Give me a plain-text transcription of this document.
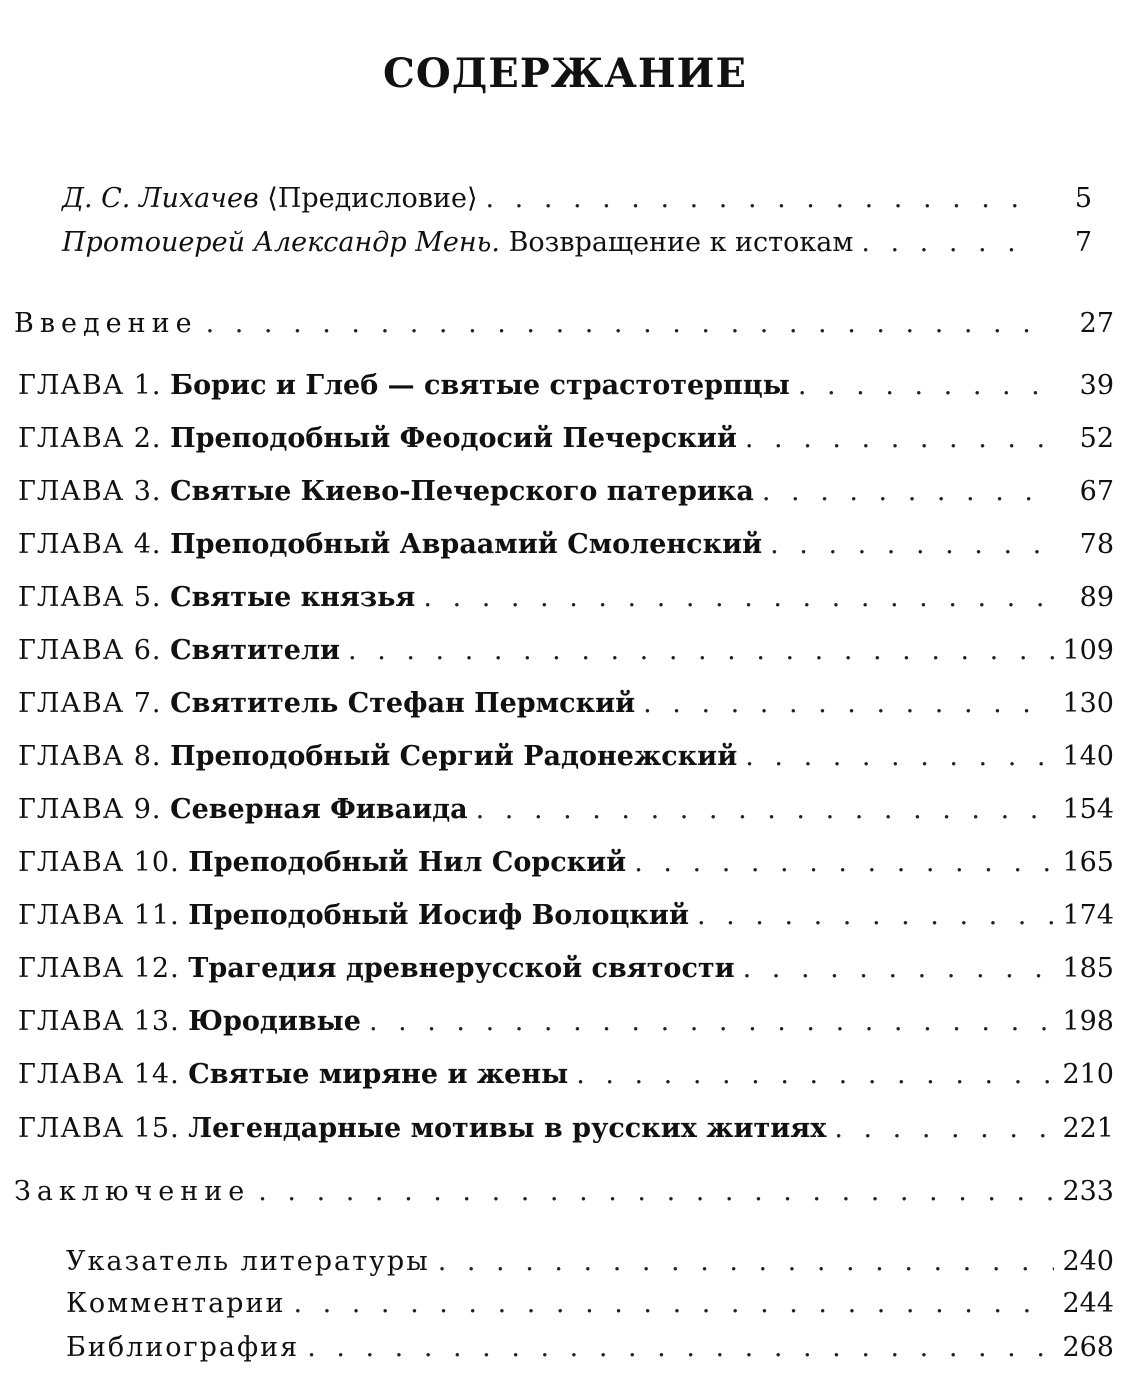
СОДЕРЖАНИЕ
Д. С. Лихачев ⟨Предисловие⟩ . . .	5
Протоиерей Александр Мень. Возвращение к истокам . . .	7
Введение . . .	27
ГЛАВА 1. Борис и Глеб — святые страстотерпцы . . .	39
ГЛАВА 2. Преподобный Феодосий Печерский . . .	52
ГЛАВА 3. Святые Киево-Печерского патерика . . .	67
ГЛАВА 4. Преподобный Авраамий Смоленский . . .	78
ГЛАВА 5. Святые князья . . .	89
ГЛАВА 6. Святители . . .	109
ГЛАВА 7. Святитель Стефан Пермский . . .	130
ГЛАВА 8. Преподобный Сергий Радонежский . . .	140
ГЛАВА 9. Северная Фиваида . . .	154
ГЛАВА 10. Преподобный Нил Сорский . . .	165
ГЛАВА 11. Преподобный Иосиф Волоцкий . . .	174
ГЛАВА 12. Трагедия древнерусской святости . . .	185
ГЛАВА 13. Юродивые . . .	198
ГЛАВА 14. Святые миряне и жены . . .	210
ГЛАВА 15. Легендарные мотивы в русских житиях . . .	221
Заключение . . .	233
Указатель литературы . . .	240
Комментарии . . .	244
Библиография . . .	268
